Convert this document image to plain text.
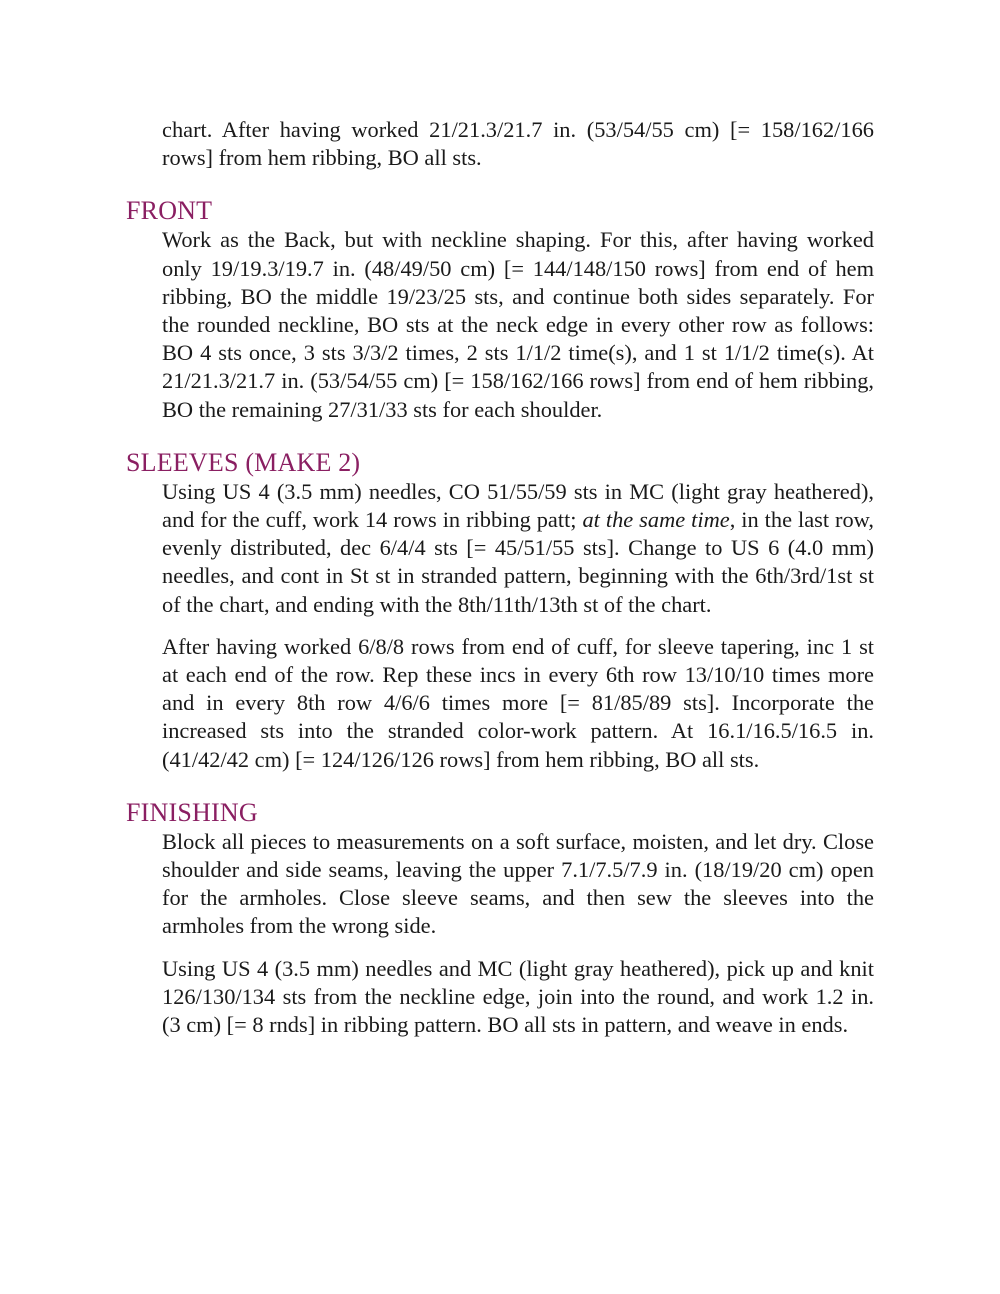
chart. After having worked 21/21.3/21.7 in. (53/54/55 cm) [= 158/162/166 rows] from hem ribbing, BO all sts.

FRONT

Work as the Back, but with neckline shaping. For this, after having worked only 19/19.3/19.7 in. (48/49/50 cm) [= 144/148/150 rows] from end of hem ribbing, BO the middle 19/23/25 sts, and continue both sides separately. For the rounded neckline, BO sts at the neck edge in every other row as follows: BO 4 sts once, 3 sts 3/3/2 times, 2 sts 1/1/2 time(s), and 1 st 1/1/2 time(s). At 21/21.3/21.7 in. (53/54/55 cm) [= 158/162/166 rows] from end of hem ribbing, BO the remaining 27/31/33 sts for each shoulder.

SLEEVES (MAKE 2)

Using US 4 (3.5 mm) needles, CO 51/55/59 sts in MC (light gray heathered), and for the cuff, work 14 rows in ribbing patt; at the same time, in the last row, evenly distributed, dec 6/4/4 sts [= 45/51/55 sts]. Change to US 6 (4.0 mm) needles, and cont in St st in stranded pattern, beginning with the 6th/3rd/1st st of the chart, and ending with the 8th/11th/13th st of the chart.

After having worked 6/8/8 rows from end of cuff, for sleeve tapering, inc 1 st at each end of the row. Rep these incs in every 6th row 13/10/10 times more and in every 8th row 4/6/6 times more [= 81/85/89 sts]. Incorporate the increased sts into the stranded color-work pattern. At 16.1/16.5/16.5 in. (41/42/42 cm) [= 124/126/126 rows] from hem ribbing, BO all sts.

FINISHING

Block all pieces to measurements on a soft surface, moisten, and let dry. Close shoulder and side seams, leaving the upper 7.1/7.5/7.9 in. (18/19/20 cm) open for the armholes. Close sleeve seams, and then sew the sleeves into the armholes from the wrong side.

Using US 4 (3.5 mm) needles and MC (light gray heathered), pick up and knit 126/130/134 sts from the neckline edge, join into the round, and work 1.2 in. (3 cm) [= 8 rnds] in ribbing pattern. BO all sts in pattern, and weave in ends.
